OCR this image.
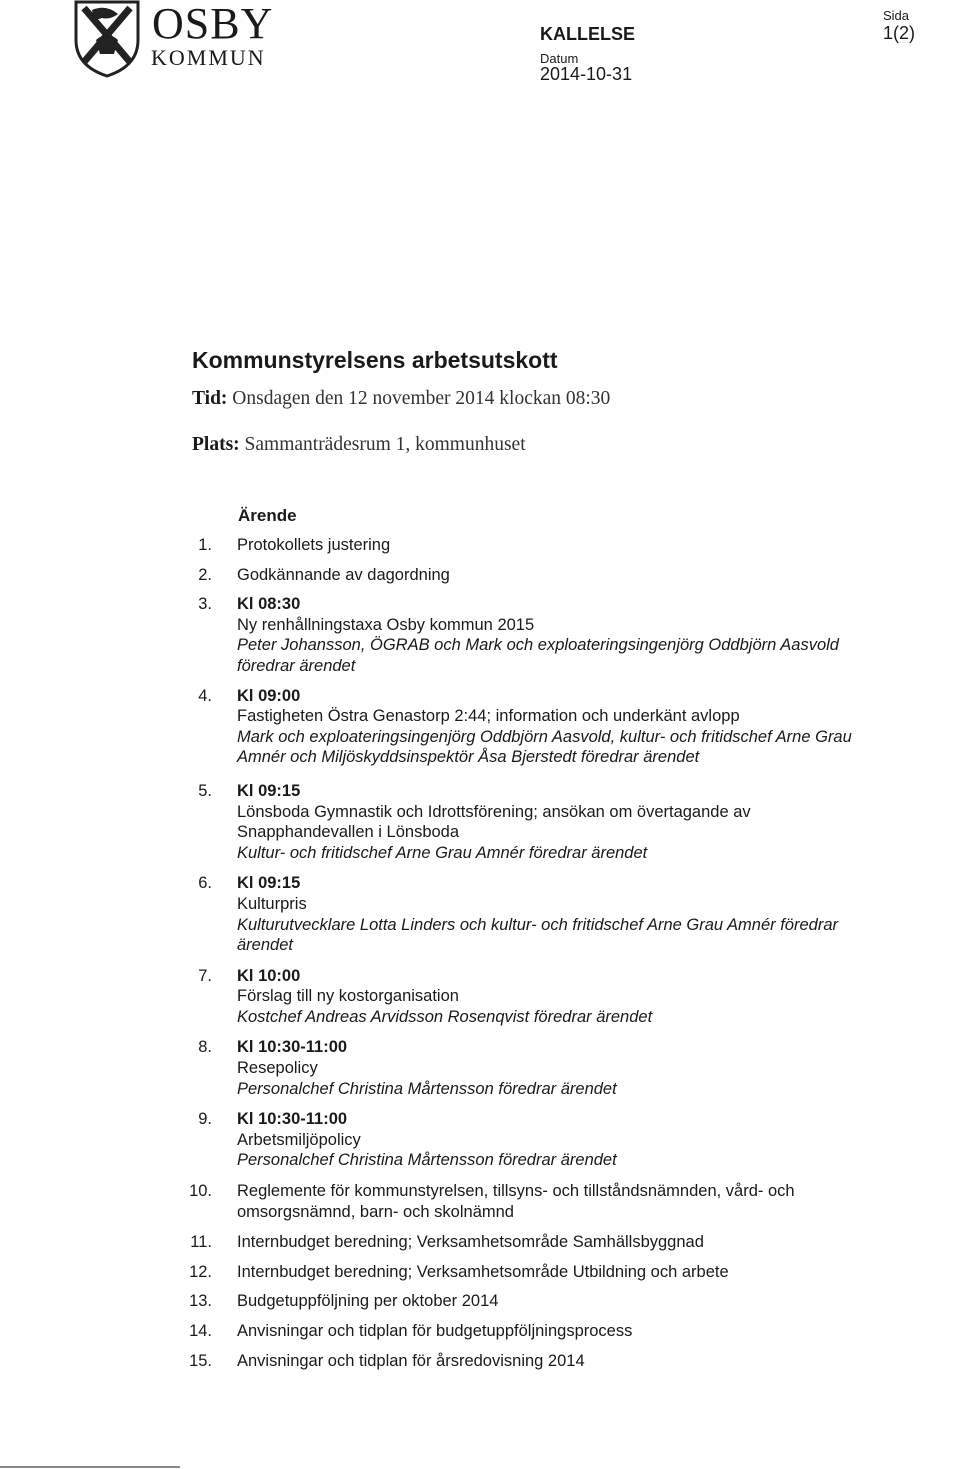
OSBY
KOMMUN
KALLELSE
Datum
2014-10-31
Sida
1(2)
Kommunstyrelsens arbetsutskott
Tid: Onsdagen den 12 november 2014 klockan 08:30
Plats: Sammanträdesrum 1, kommunhuset
Ärende
1. Protokollets justering
2. Godkännande av dagordning
3. Kl 08:30
Ny renhållningstaxa Osby kommun 2015
Peter Johansson, ÖGRAB och Mark och exploateringsingenjörg Oddbjörn Aasvold föredrar ärendet
4. Kl 09:00
Fastigheten Östra Genastorp 2:44; information och underkänt avlopp
Mark och exploateringsingenjörg Oddbjörn Aasvold, kultur- och fritidschef Arne Grau Amnér och Miljöskyddsinspektör Åsa Bjerstedt föredrar ärendet
5. Kl 09:15
Lönsboda Gymnastik och Idrottsförening; ansökan om övertagande av Snapphandevallen i Lönsboda
Kultur- och fritidschef Arne Grau Amnér föredrar ärendet
6. Kl 09:15
Kulturpris
Kulturutvecklare Lotta Linders och kultur- och fritidschef Arne Grau Amnér föredrar ärendet
7. Kl 10:00
Förslag till ny kostorganisation
Kostchef Andreas Arvidsson Rosenqvist föredrar ärendet
8. Kl 10:30-11:00
Resepolicy
Personalchef Christina Mårtensson föredrar ärendet
9. Kl 10:30-11:00
Arbetsmiljöpolicy
Personalchef Christina Mårtensson föredrar ärendet
10. Reglemente för kommunstyrelsen, tillsyns- och tillståndsnämnden, vård- och omsorgsnämnd, barn- och skolnämnd
11. Internbudget beredning; Verksamhetsområde Samhällsbyggnad
12. Internbudget beredning; Verksamhetsområde Utbildning och arbete
13. Budgetuppföljning per oktober 2014
14. Anvisningar och tidplan för budgetuppföljningsprocess
15. Anvisningar och tidplan för årsredovisning 2014
